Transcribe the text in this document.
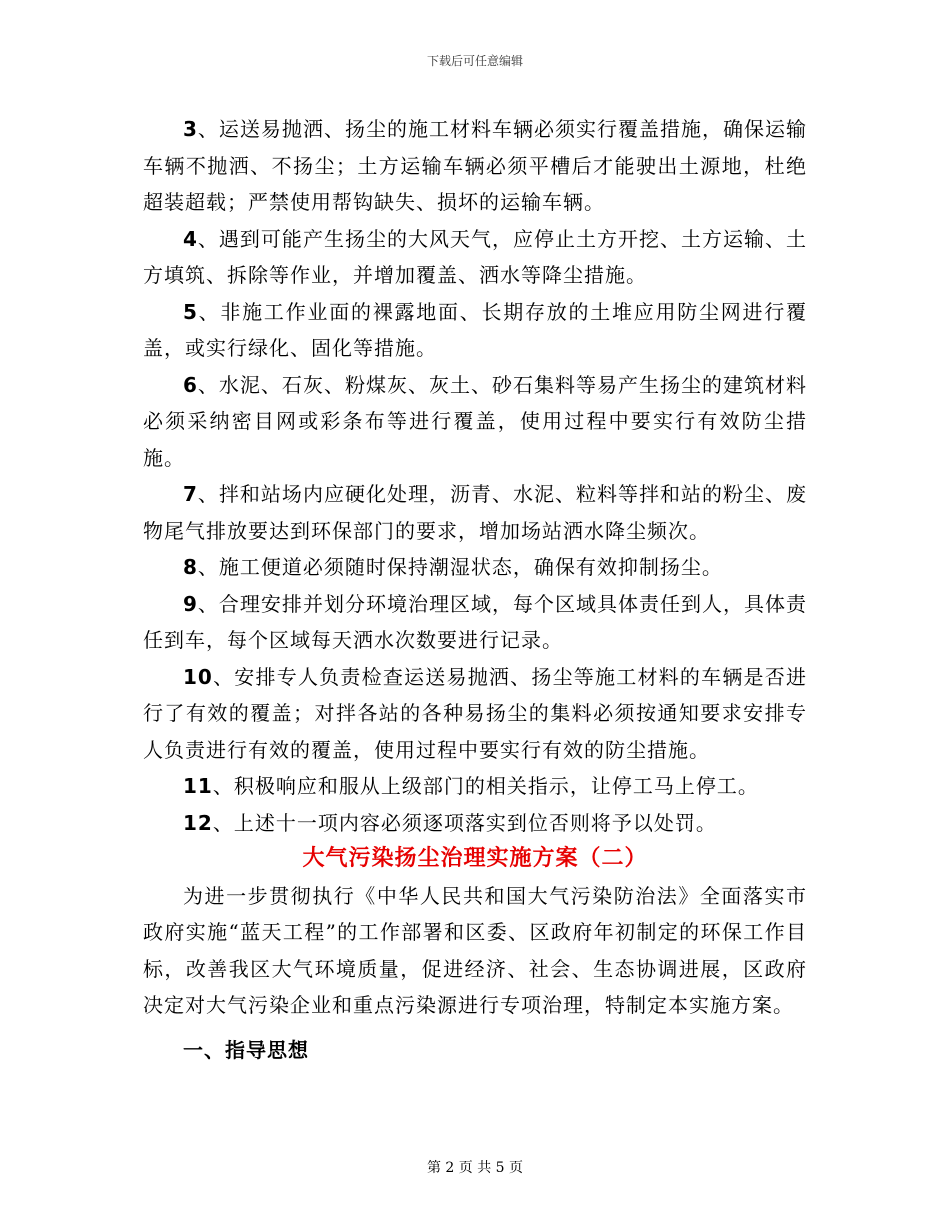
下载后可任意编辑

3、运送易抛洒、扬尘的施工材料车辆必须实行覆盖措施，确保运输车辆不抛洒、不扬尘；土方运输车辆必须平槽后才能驶出土源地，杜绝超装超载；严禁使用帮钩缺失、损坏的运输车辆。

4、遇到可能产生扬尘的大风天气，应停止土方开挖、土方运输、土方填筑、拆除等作业，并增加覆盖、洒水等降尘措施。

5、非施工作业面的裸露地面、长期存放的土堆应用防尘网进行覆盖，或实行绿化、固化等措施。

6、水泥、石灰、粉煤灰、灰土、砂石集料等易产生扬尘的建筑材料必须采纳密目网或彩条布等进行覆盖，使用过程中要实行有效防尘措施。

7、拌和站场内应硬化处理，沥青、水泥、粒料等拌和站的粉尘、废物尾气排放要达到环保部门的要求，增加场站洒水降尘频次。

8、施工便道必须随时保持潮湿状态，确保有效抑制扬尘。

9、合理安排并划分环境治理区域，每个区域具体责任到人，具体责任到车，每个区域每天洒水次数要进行记录。

10、安排专人负责检查运送易抛洒、扬尘等施工材料的车辆是否进行了有效的覆盖；对拌各站的各种易扬尘的集料必须按通知要求安排专人负责进行有效的覆盖，使用过程中要实行有效的防尘措施。

11、积极响应和服从上级部门的相关指示，让停工马上停工。

12、上述十一项内容必须逐项落实到位否则将予以处罚。

大气污染扬尘治理实施方案（二）

为进一步贯彻执行《中华人民共和国大气污染防治法》全面落实市政府实施“蓝天工程”的工作部署和区委、区政府年初制定的环保工作目标，改善我区大气环境质量，促进经济、社会、生态协调进展，区政府决定对大气污染企业和重点污染源进行专项治理，特制定本实施方案。

一、指导思想
第 2 页 共 5 页
